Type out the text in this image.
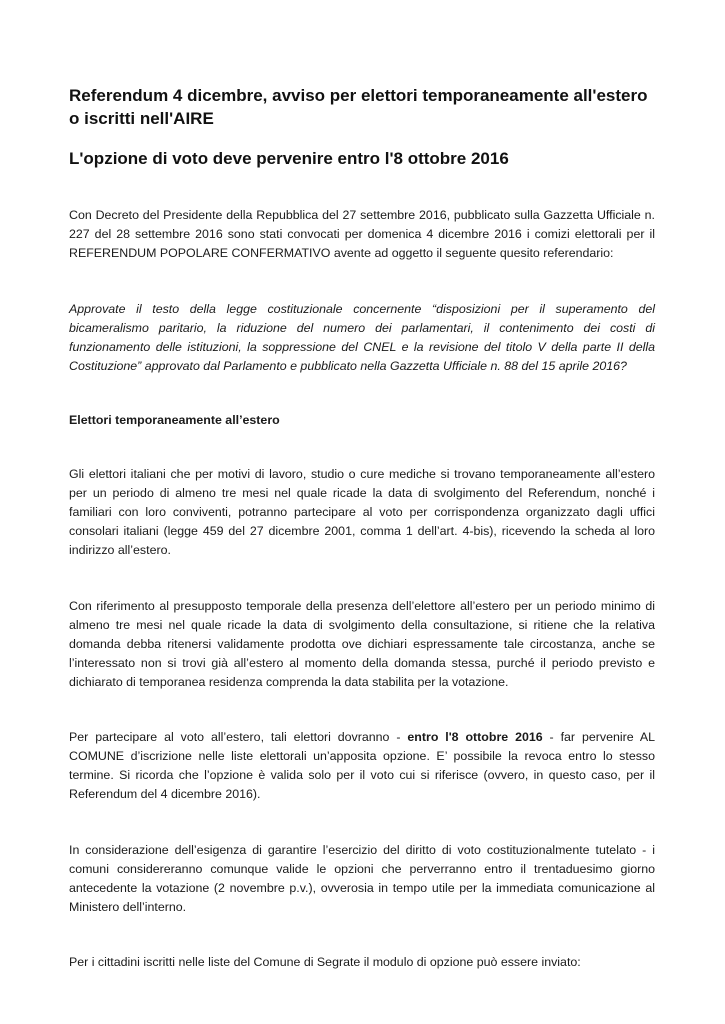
Referendum 4 dicembre, avviso per elettori temporaneamente all'estero o iscritti nell'AIRE
L'opzione di voto deve pervenire entro l'8 ottobre 2016

Con Decreto del Presidente della Repubblica del 27 settembre 2016, pubblicato sulla Gazzetta Ufficiale n. 227 del 28 settembre 2016 sono stati convocati per domenica 4 dicembre 2016 i comizi elettorali per il REFERENDUM POPOLARE CONFERMATIVO avente ad oggetto il seguente quesito referendario:

Approvate il testo della legge costituzionale concernente “disposizioni per il superamento del bicameralismo paritario, la riduzione del numero dei parlamentari, il contenimento dei costi di funzionamento delle istituzioni, la soppressione del CNEL e la revisione del titolo V della parte II della Costituzione” approvato dal Parlamento e pubblicato nella Gazzetta Ufficiale n. 88 del 15 aprile 2016?

Elettori temporaneamente all’estero

Gli elettori italiani che per motivi di lavoro, studio o cure mediche si trovano temporaneamente all’estero per un periodo di almeno tre mesi nel quale ricade la data di svolgimento del Referendum, nonché i familiari con loro conviventi, potranno partecipare al voto per corrispondenza organizzato dagli uffici consolari italiani (legge 459 del 27 dicembre 2001, comma 1 dell’art. 4-bis), ricevendo la scheda al loro indirizzo all’estero.

Con riferimento al presupposto temporale della presenza dell’elettore all’estero per un periodo minimo di almeno tre mesi nel quale ricade la data di svolgimento della consultazione, si ritiene che la relativa domanda debba ritenersi validamente prodotta ove dichiari espressamente tale circostanza, anche se l’interessato non si trovi già all’estero al momento della domanda stessa, purché il periodo previsto e dichiarato di temporanea residenza comprenda la data stabilita per la votazione.

Per partecipare al voto all’estero, tali elettori dovranno - entro l'8 ottobre 2016 - far pervenire AL COMUNE d’iscrizione nelle liste elettorali un’apposita opzione. E’ possibile la revoca entro lo stesso termine. Si ricorda che l’opzione è valida solo per il voto cui si riferisce (ovvero, in questo caso, per il Referendum del 4 dicembre 2016).

In considerazione dell’esigenza di garantire l’esercizio del diritto di voto costituzionalmente tutelato - i comuni considereranno comunque valide le opzioni che perverranno entro il trentaduesimo giorno antecedente la votazione (2 novembre p.v.), ovverosia in tempo utile per la immediata comunicazione al Ministero dell’interno.

Per i cittadini iscritti nelle liste del Comune di Segrate il modulo di opzione può essere inviato:
